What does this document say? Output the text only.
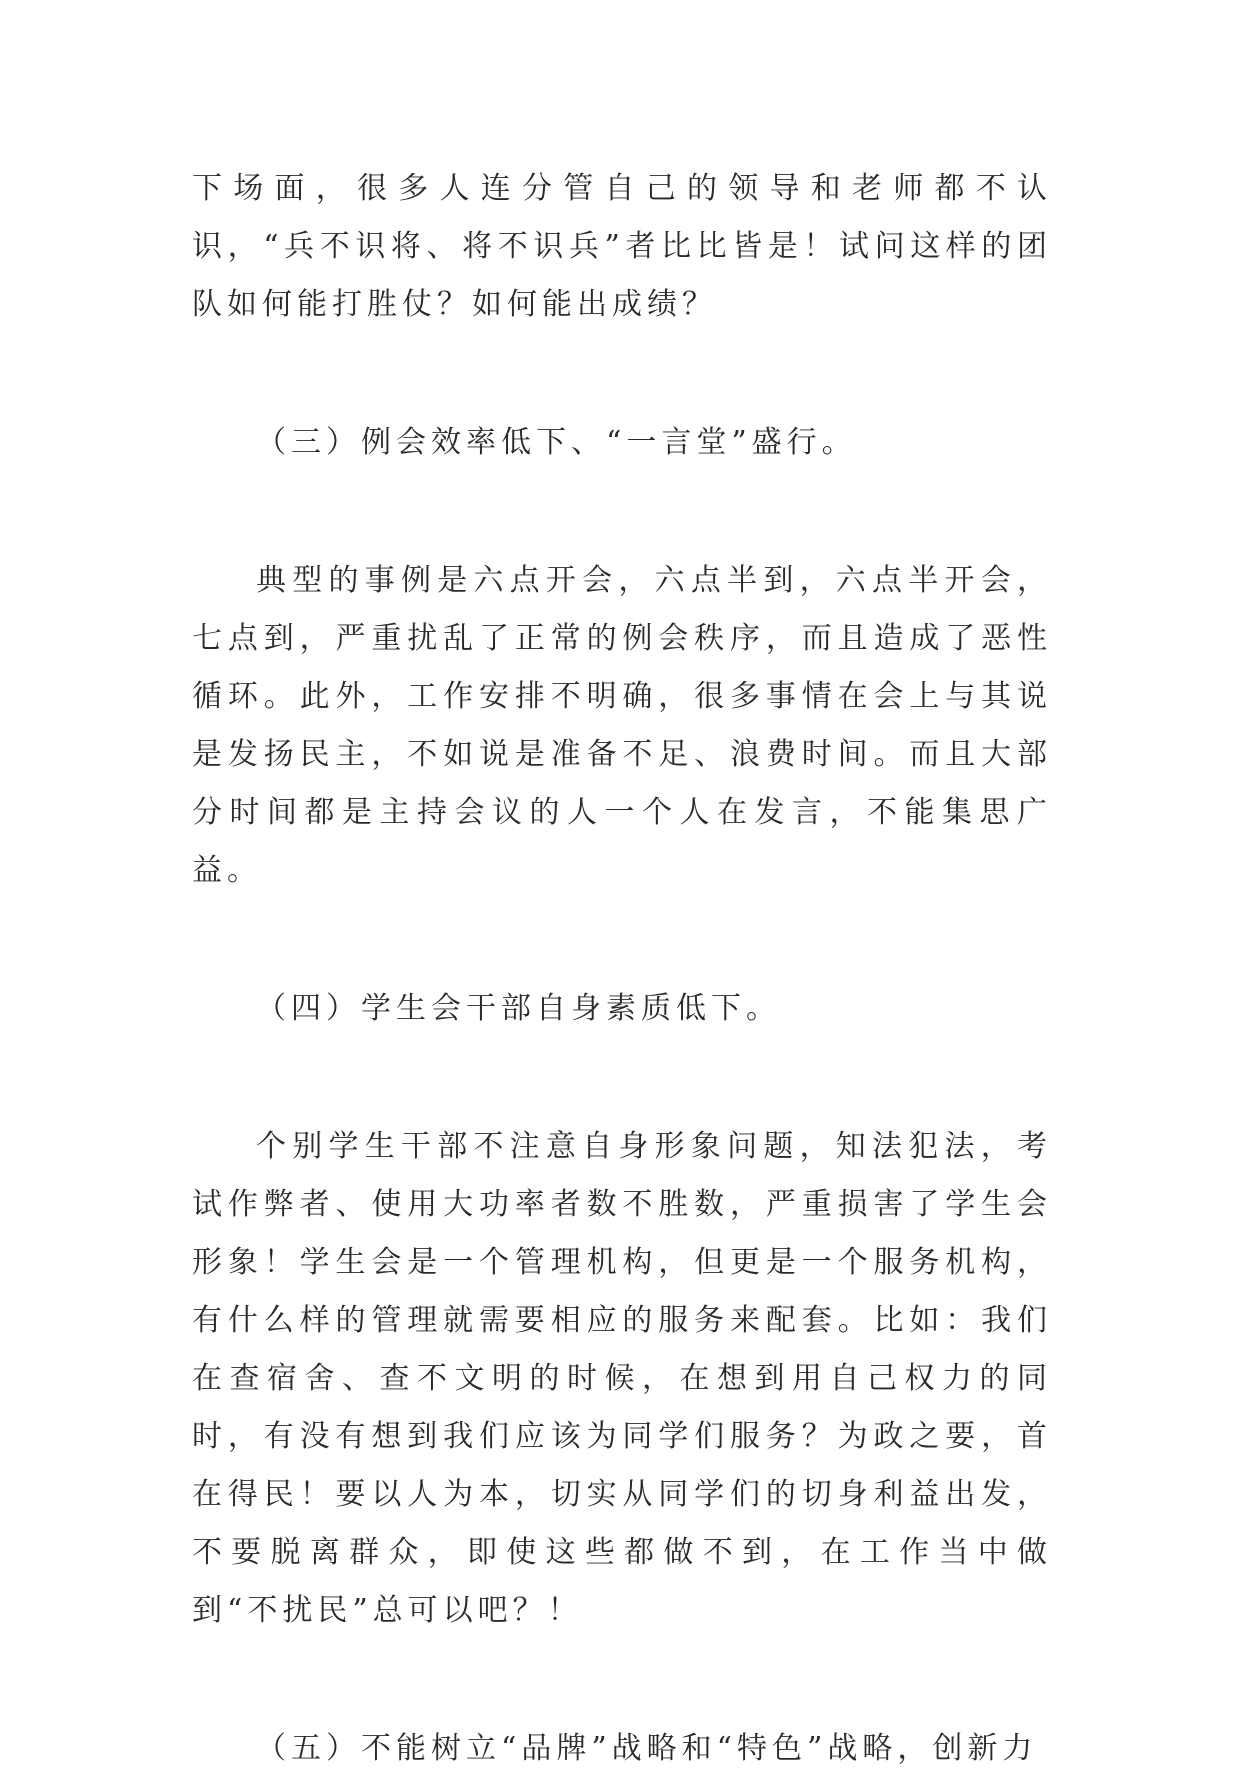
下场面，很多人连分管自己的领导和老师都不认识，“兵不识将、将不识兵”者比比皆是！试问这样的团队如何能打胜仗？如何能出成绩？

（三）例会效率低下、“一言堂”盛行。

典型的事例是六点开会，六点半到，六点半开会，七点到，严重扰乱了正常的例会秩序，而且造成了恶性循环。此外，工作安排不明确，很多事情在会上与其说是发扬民主，不如说是准备不足、浪费时间。而且大部分时间都是主持会议的人一个人在发言，不能集思广益。

（四）学生会干部自身素质低下。

个别学生干部不注意自身形象问题，知法犯法，考试作弊者、使用大功率者数不胜数，严重损害了学生会形象！学生会是一个管理机构，但更是一个服务机构，有什么样的管理就需要相应的服务来配套。比如：我们在查宿舍、查不文明的时候，在想到用自己权力的同时，有没有想到我们应该为同学们服务？为政之要，首在得民！要以人为本，切实从同学们的切身利益出发，不要脱离群众，即使这些都做不到，在工作当中做到“不扰民”总可以吧？！

（五）不能树立“品牌”战略和“特色”战略，创新力
